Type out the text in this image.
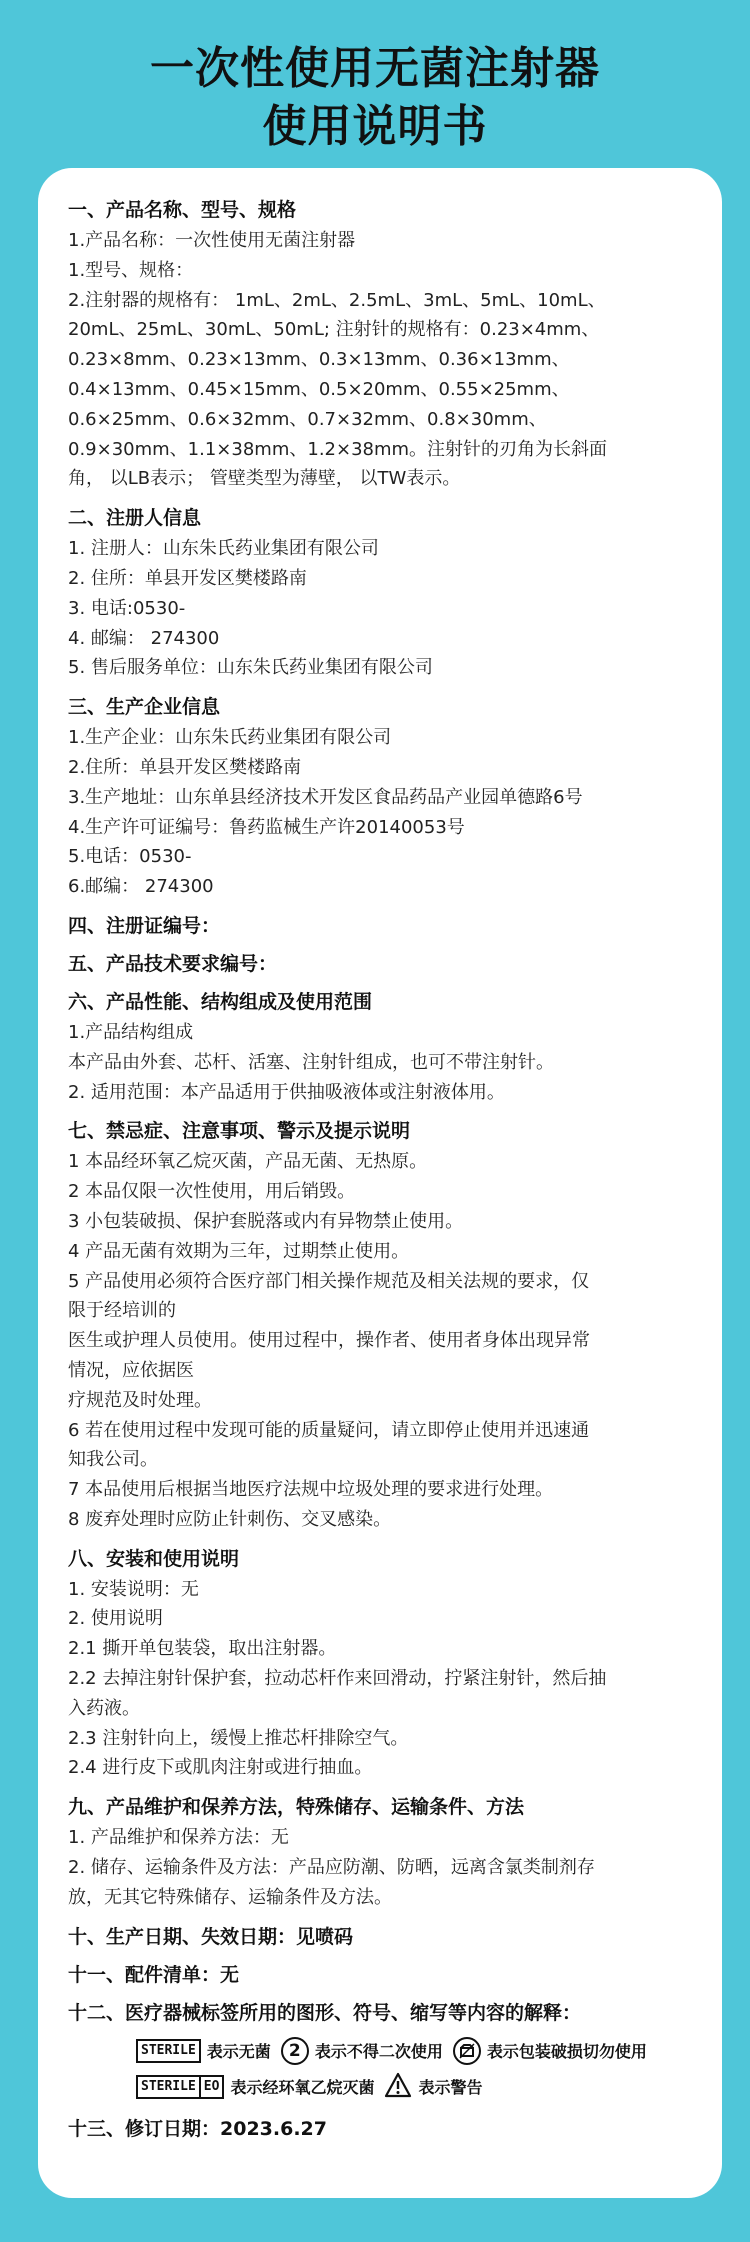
一次性使用无菌注射器
使用说明书
一、产品名称、型号、规格
1.产品名称：一次性使用无菌注射器
1.型号、规格：
2.注射器的规格有： 1mL、2mL、2.5mL、3mL、5mL、10mL、
20mL、25mL、30mL、50mL; 注射针的规格有：0.23×4mm、
0.23×8mm、0.23×13mm、0.3×13mm、0.36×13mm、
0.4×13mm、0.45×15mm、0.5×20mm、0.55×25mm、
0.6×25mm、0.6×32mm、0.7×32mm、0.8×30mm、
0.9×30mm、1.1×38mm、1.2×38mm。注射针的刃角为长斜面
角， 以LB表示； 管壁类型为薄壁， 以TW表示。
二、注册人信息
1. 注册人：山东朱氏药业集团有限公司
2. 住所：单县开发区樊楼路南
3. 电话:0530-
4. 邮编： 274300
5. 售后服务单位：山东朱氏药业集团有限公司
三、生产企业信息
1.生产企业：山东朱氏药业集团有限公司
2.住所：单县开发区樊楼路南
3.生产地址：山东单县经济技术开发区食品药品产业园单德路6号
4.生产许可证编号：鲁药监械生产许20140053号
5.电话：0530-
6.邮编： 274300
四、注册证编号：
五、产品技术要求编号：
六、产品性能、结构组成及使用范围
1.产品结构组成
本产品由外套、芯杆、活塞、注射针组成，也可不带注射针。
2. 适用范围：本产品适用于供抽吸液体或注射液体用。
七、禁忌症、注意事项、警示及提示说明
1 本品经环氧乙烷灭菌，产品无菌、无热原。
2 本品仅限一次性使用，用后销毁。
3 小包装破损、保护套脱落或内有异物禁止使用。
4 产品无菌有效期为三年，过期禁止使用。
5 产品使用必须符合医疗部门相关操作规范及相关法规的要求，仅
限于经培训的
医生或护理人员使用。使用过程中，操作者、使用者身体出现异常
情况，应依据医
疗规范及时处理。
6 若在使用过程中发现可能的质量疑问，请立即停止使用并迅速通
知我公司。
7 本品使用后根据当地医疗法规中垃圾处理的要求进行处理。
8 废弃处理时应防止针刺伤、交叉感染。
八、安装和使用说明
1. 安装说明：无
2. 使用说明
2.1 撕开单包装袋，取出注射器。
2.2 去掉注射针保护套，拉动芯杆作来回滑动，拧紧注射针，然后抽
入药液。
2.3 注射针向上，缓慢上推芯杆排除空气。
2.4 进行皮下或肌肉注射或进行抽血。
九、产品维护和保养方法，特殊储存、运输条件、方法
1. 产品维护和保养方法：无
2. 储存、运输条件及方法：产品应防潮、防晒，远离含氯类制剂存
放，无其它特殊储存、运输条件及方法。
十、生产日期、失效日期：见喷码
十一、配件清单：无
十二、医疗器械标签所用的图形、符号、缩写等内容的解释：
STERILE 表示无菌	2 表示不得二次使用	表示包装破损切勿使用
STERILE EO 表示经环氧乙烷灭菌	表示警告
十三、修订日期：2023.6.27
